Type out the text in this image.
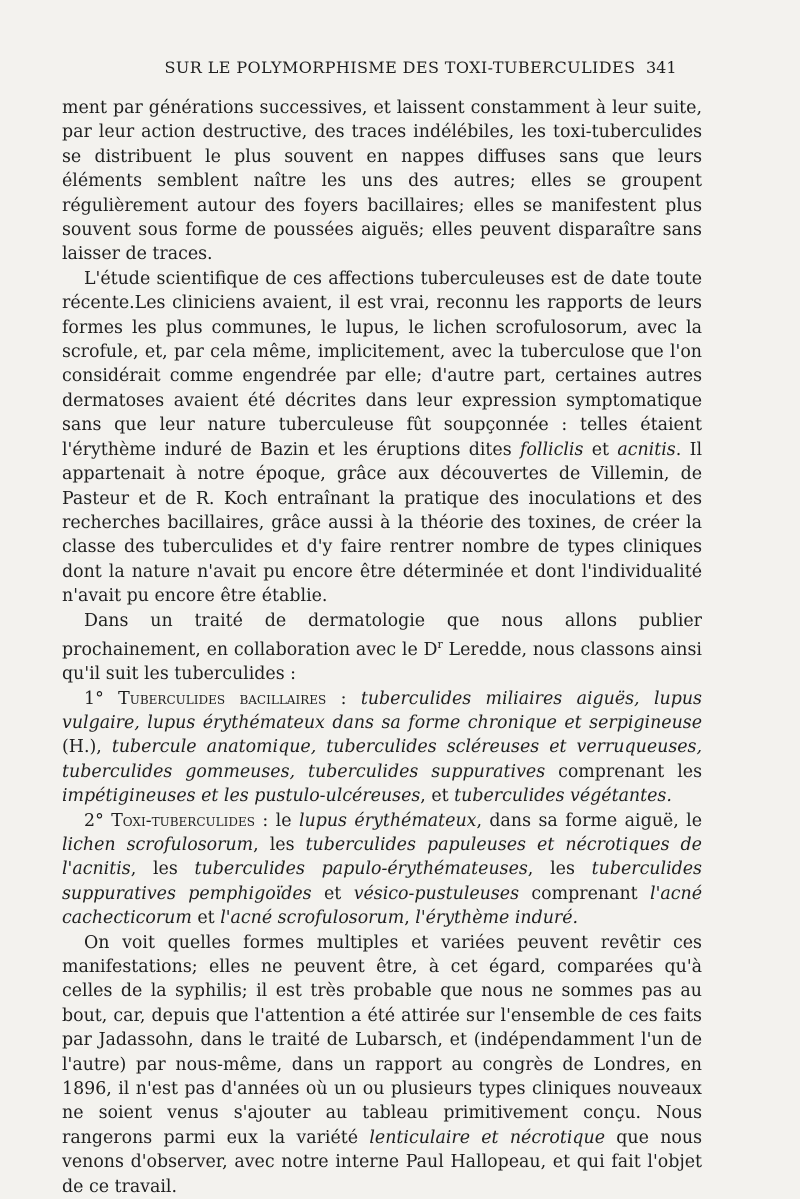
SUR LE POLYMORPHISME DES TOXI-TUBERCULIDES 341

ment par générations successives, et laissent constamment à leur suite, par leur action destructive, des traces indélébiles, les toxi-tuberculides se distribuent le plus souvent en nappes diffuses sans que leurs éléments semblent naître les uns des autres; elles se groupent régulièrement autour des foyers bacillaires; elles se manifestent plus souvent sous forme de poussées aiguës; elles peuvent disparaître sans laisser de traces.

L'étude scientifique de ces affections tuberculeuses est de date toute récente.Les cliniciens avaient, il est vrai, reconnu les rapports de leurs formes les plus communes, le lupus, le lichen scrofulosorum, avec la scrofule, et, par cela même, implicitement, avec la tuberculose que l'on considérait comme engendrée par elle; d'autre part, certaines autres dermatoses avaient été décrites dans leur expression symptomatique sans que leur nature tuberculeuse fût soupçonnée : telles étaient l'érythème induré de Bazin et les éruptions dites folliclis et acnitis. Il appartenait à notre époque, grâce aux découvertes de Villemin, de Pasteur et de R. Koch entraînant la pratique des inoculations et des recherches bacillaires, grâce aussi à la théorie des toxines, de créer la classe des tuberculides et d'y faire rentrer nombre de types cliniques dont la nature n'avait pu encore être déterminée et dont l'individualité n'avait pu encore être établie.

Dans un traité de dermatologie que nous allons publier prochainement, en collaboration avec le $D^r$ Leredde, nous classons ainsi qu'il suit les tuberculides :

1° Tuberculides bacillaires : tuberculides miliaires aiguës, lupus vulgaire, lupus érythémateux dans sa forme chronique et serpigineuse (H.), tubercule anatomique, tuberculides scléreuses et verruqueuses, tuberculides gommeuses, tuberculides suppuratives comprenant les impétigineuses et les pustulo-ulcéreuses, et tuberculides végétantes.

2° Toxi-tuberculides : le lupus érythémateux, dans sa forme aiguë, le lichen scrofulosorum, les tuberculides papuleuses et nécrotiques de l'acnitis, les tuberculides papulo-érythémateuses, les tuberculides suppuratives pemphigoïdes et vésico-pustuleuses comprenant l'acné cachecticorum et l'acné scrofulosorum, l'érythème induré.

On voit quelles formes multiples et variées peuvent revêtir ces manifestations; elles ne peuvent être, à cet égard, comparées qu'à celles de la syphilis; il est très probable que nous ne sommes pas au bout, car, depuis que l'attention a été attirée sur l'ensemble de ces faits par Jadassohn, dans le traité de Lubarsch, et (indépendamment l'un de l'autre) par nous-même, dans un rapport au congrès de Londres, en 1896, il n'est pas d'années où un ou plusieurs types cliniques nouveaux ne soient venus s'ajouter au tableau primitivement conçu. Nous rangerons parmi eux la variété lenticulaire et nécrotique que nous venons d'observer, avec notre interne Paul Hallopeau, et qui fait l'objet de ce travail.
